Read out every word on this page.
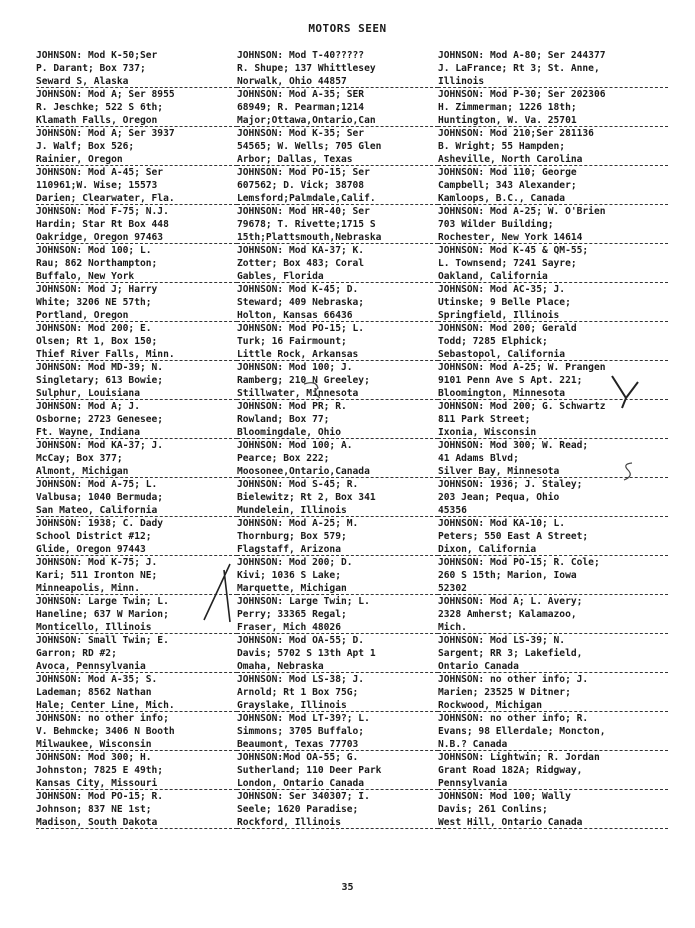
MOTORS SEEN
JOHNSON: Mod K-50;Ser
P. Darant; Box 737;
Seward S, Alaska
JOHNSON: Mod T-40?????
R. Shupe; 137 Whittlesey
Norwalk, Ohio 44857
JOHNSON: Mod A-80; Ser 244377
J. LaFrance; Rt 3; St. Anne,
Illinois
JOHNSON: Mod A; Ser 8955
R. Jeschke; 522 S 6th;
Klamath Falls, Oregon
JOHNSON: Mod A-35; SER
68949; R. Pearman;1214
Major;Ottawa,Ontario,Can
JOHNSON: Mod P-30; Ser 202306
H. Zimmerman; 1226 18th;
Huntington, W. Va. 25701
JOHNSON: Mod A; Ser 3937
J. Walf; Box 526;
Rainier, Oregon
JOHNSON: Mod K-35; Ser
54565; W. Wells; 705 Glen
Arbor; Dallas, Texas
JOHNSON: Mod 210;Ser 281136
B. Wright; 55 Hampden;
Asheville, North Carolina
JOHNSON: Mod A-45; Ser
110961;W. Wise; 15573
Darien; Clearwater, Fla.
JOHNSON: Mod PO-15; Ser
607562; D. Vick; 38708
Lemsford;Palmdale,Calif.
JOHNSON: Mod 110; George
Campbell; 343 Alexander;
Kamloops, B.C., Canada
JOHNSON: Mod F-75; N.J.
Hardin; Star Rt Box 448
Oakridge, Oregon 97463
JOHNSON: Mod HR-40; Ser
79678; T. Rivette;1715 S
15th;Plattsmouth,Nebraska
JOHNSON: Mod A-25; W. O'Brien
703 Wilder Building;
Rochester, New York 14614
JOHNSON: Mod 100; L.
Rau; 862 Northampton;
Buffalo, New York
JOHNSON: Mod KA-37; K.
Zotter; Box 483; Coral
Gables, Florida
JOHNSON: Mod K-45 & QM-55;
L. Townsend; 7241 Sayre;
Oakland, California
JOHNSON: Mod J; Harry
White; 3206 NE 57th;
Portland, Oregon
JOHNSON: Mod K-45; D.
Steward; 409 Nebraska;
Holton, Kansas 66436
JOHNSON: Mod AC-35; J.
Utinske; 9 Belle Place;
Springfield, Illinois
JOHNSON: Mod 200; E.
Olsen; Rt 1, Box 150;
Thief River Falls, Minn.
JOHNSON: Mod PO-15; L.
Turk; 16 Fairmount;
Little Rock, Arkansas
JOHNSON: Mod 200; Gerald
Todd; 7285 Elphick;
Sebastopol, California
JOHNSON: Mod MD-39; N.
Singletary; 613 Bowie;
Sulphur, Louisiana
JOHNSON: Mod 100; J.
Ramberg; 210 N Greeley;
Stillwater, Minnesota
JOHNSON: Mod A-25; W. Prangen
9101 Penn Ave S Apt. 221;
Bloomington, Minnesota
JOHNSON: Mod A; J.
Osborne; 2723 Genesee;
Ft. Wayne, Indiana
JOHNSON: Mod PR; R.
Rowland; Box 77;
Bloomingdale, Ohio
JOHNSON: Mod 200; G. Schwartz
811 Park Street;
Ixonia, Wisconsin
JOHNSON: Mod KA-37; J.
McCay; Box 377;
Almont, Michigan
JOHNSON: Mod 100; A.
Pearce; Box 222;
Moosonee,Ontario,Canada
JOHNSON: Mod 300; W. Read;
41 Adams Blvd;
Silver Bay, Minnesota
JOHNSON: Mod A-75; L.
Valbusa; 1040 Bermuda;
San Mateo, California
JOHNSON: Mod S-45; R.
Bielewitz; Rt 2, Box 341
Mundelein, Illinois
JOHNSON: 1936; J. Staley;
203 Jean; Pequa, Ohio
45356
JOHNSON: 1938; C. Dady
School District #12;
Glide, Oregon 97443
JOHNSON: Mod A-25; M.
Thornburg; Box 579;
Flagstaff, Arizona
JOHNSON: Mod KA-10; L.
Peters; 550 East A Street;
Dixon, California
JOHNSON: Mod K-75; J.
Kari; 511 Ironton NE;
Minneapolis, Minn.
JOHNSON: Mod 200; D.
Kivi; 1036 S Lake;
Marquette, Michigan
JOHNSON: Mod PO-15; R. Cole;
260 S 15th; Marion, Iowa
52302
JOHNSON: Large Twin; L.
Haneline; 637 W Marion;
Monticello, Illinois
JOHNSON: Large Twin; L.
Perry; 33365 Regal;
Fraser, Mich 48026
JOHNSON: Mod A; L. Avery;
2328 Amherst; Kalamazoo,
Mich.
JOHNSON: Small Twin; E.
Garron; RD #2;
Avoca, Pennsylvania
JOHNSON: Mod OA-55; D.
Davis; 5702 S 13th Apt 1
Omaha, Nebraska
JOHNSON: Mod LS-39; N.
Sargent; RR 3; Lakefield,
Ontario Canada
JOHNSON: Mod A-35; S.
Lademan; 8562 Nathan
Hale; Center Line, Mich.
JOHNSON: Mod LS-38; J.
Arnold; Rt 1 Box 75G;
Grayslake, Illinois
JOHNSON: no other info; J.
Marien; 23525 W Ditner;
Rockwood, Michigan
JOHNSON: no other info;
V. Behmcke; 3406 N Booth
Milwaukee, Wisconsin
JOHNSON: Mod LT-39?; L.
Simmons; 3705 Buffalo;
Beaumont, Texas 77703
JOHNSON: no other info; R.
Evans; 98 Ellerdale; Moncton,
N.B.? Canada
JOHNSON: Mod 300; H.
Johnston; 7825 E 49th;
Kansas City, Missouri
JOHNSON:Mod OA-55; G.
Sutherland; 110 Deer Park
London, Ontario Canada
JOHNSON: Lightwin; R. Jordan
Grant Road 182A; Ridgway,
Pennsylvania
JOHNSON: Mod PO-15; R.
Johnson; 837 NE 1st;
Madison, South Dakota
JOHNSON: Ser 340307; I.
Seele; 1620 Paradise;
Rockford, Illinois
JOHNSON: Mod 100; Wally
Davis; 261 Conlins;
West Hill, Ontario Canada
35
